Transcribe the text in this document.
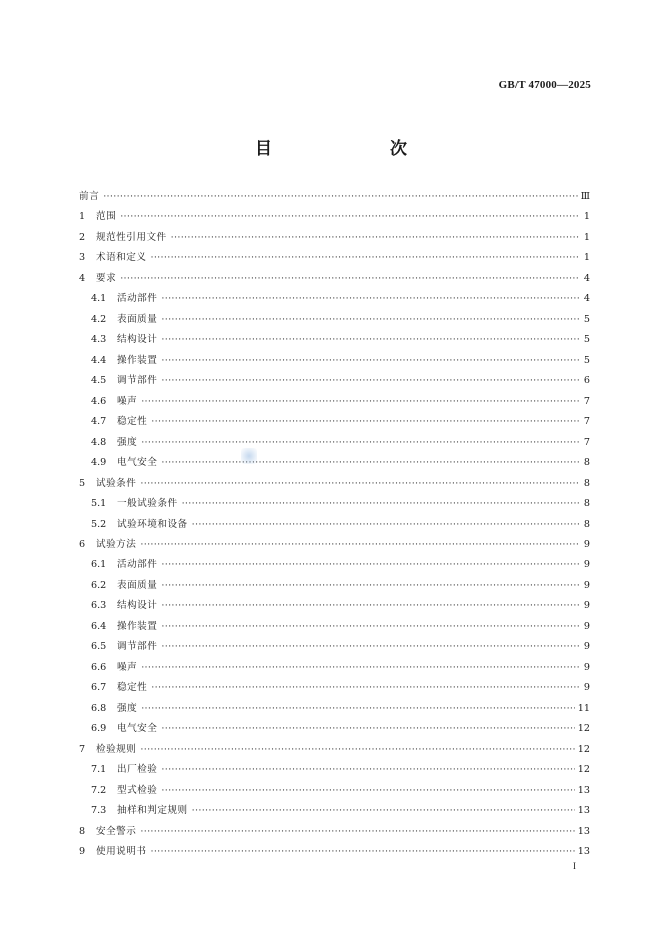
GB/T 47000—2025
目　　次
前言 ·····	Ⅲ
1	范围 ·····	1
2	规范性引用文件 ·····	1
3	术语和定义 ·····	1
4	要求 ·····	4
4.1	活动部件 ·····	4
4.2	表面质量 ·····	5
4.3	结构设计 ·····	5
4.4	操作装置 ·····	5
4.5	调节部件 ·····	6
4.6	噪声 ·····	7
4.7	稳定性 ·····	7
4.8	强度 ·····	7
4.9	电气安全 ·····	8
5	试验条件 ·····	8
5.1	一般试验条件 ·····	8
5.2	试验环境和设备 ·····	8
6	试验方法 ·····	9
6.1	活动部件 ·····	9
6.2	表面质量 ·····	9
6.3	结构设计 ·····	9
6.4	操作装置 ·····	9
6.5	调节部件 ·····	9
6.6	噪声 ·····	9
6.7	稳定性 ·····	9
6.8	强度 ·····	11
6.9	电气安全 ·····	12
7	检验规则 ·····	12
7.1	出厂检验 ·····	12
7.2	型式检验 ·····	13
7.3	抽样和判定规则 ·····	13
8	安全警示 ·····	13
9	使用说明书 ·····	13
I
